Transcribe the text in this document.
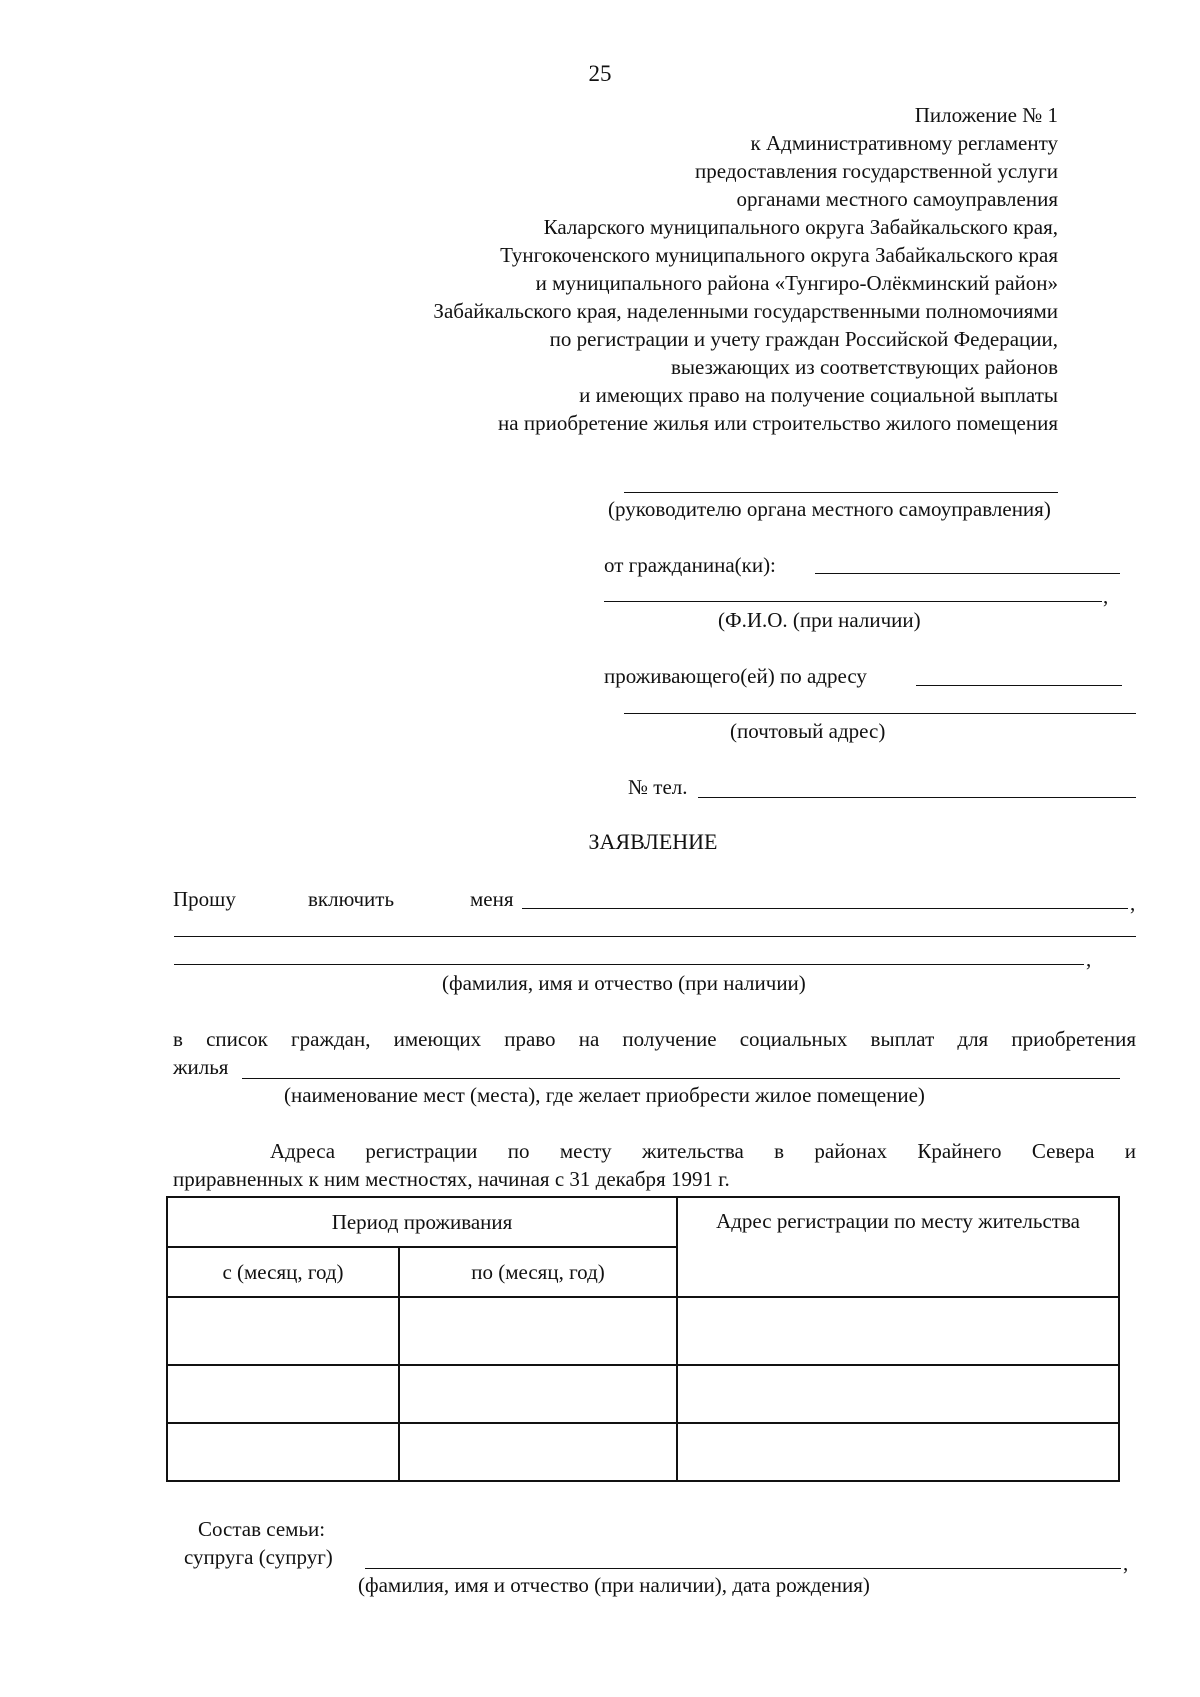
25
Пиложение № 1
к Административному регламенту
предоставления государственной услуги
органами местного самоуправления
Каларского муниципального округа Забайкальского края,
Тунгокоченского муниципального округа Забайкальского края
и муниципального района «Тунгиро-Олёкминский район»
Забайкальского края, наделенными государственными полномочиями
по регистрации и учету граждан Российской Федерации,
выезжающих из соответствующих районов
и имеющих право на получение социальной выплаты
на приобретение жилья или строительство жилого помещения
(руководителю органа местного самоуправления)
от гражданина(ки):
,
(Ф.И.О. (при наличии)
проживающего(ей) по адресу
(почтовый адрес)
№ тел.
ЗАЯВЛЕНИЕ
Прошу	включить	меня	,
,
(фамилия, имя и отчество (при наличии)
в список граждан, имеющих право на получение социальных выплат для приобретения
жилья
(наименование мест (места), где желает приобрести жилое помещение)
Адреса регистрации по месту жительства в районах Крайнего Севера и
приравненных к ним местностях, начиная с 31 декабря 1991 г.
Период проживания		Адрес регистрации по месту жительства
с (месяц, год)	по (месяц, год)	

Состав семьи:
супруга (супруг)	,
(фамилия, имя и отчество (при наличии), дата рождения)
